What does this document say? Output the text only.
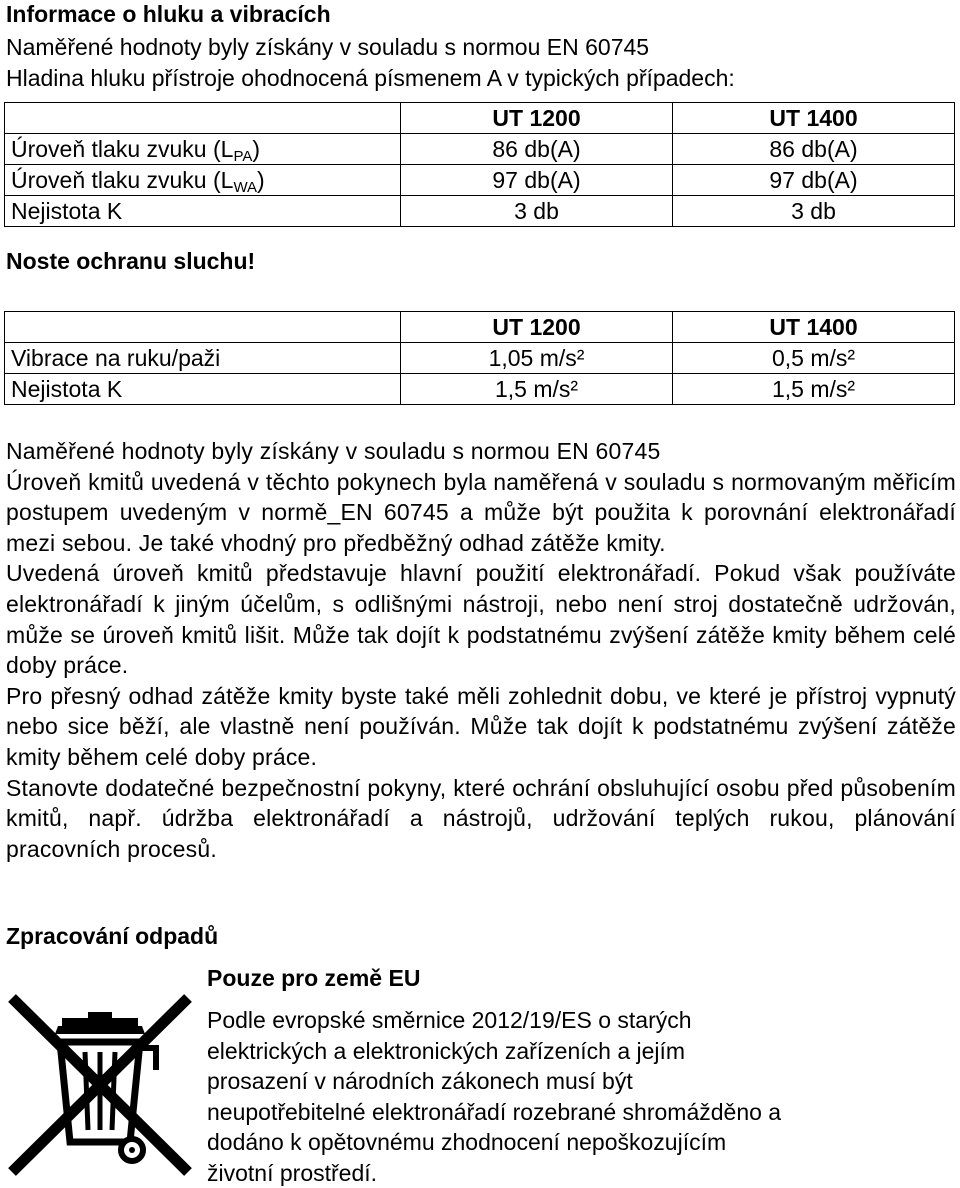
Informace o hluku a vibracích

Naměřené hodnoty byly získány v souladu s normou EN 60745

Hladina hluku přístroje ohodnocená písmenem A v typických případech:

	UT 1200	UT 1400
Úroveň tlaku zvuku $(L_{PA})$	86 db(A)	86 db(A)
Úroveň tlaku zvuku $(L_{WA})$	97 db(A)	97 db(A)
Nejistota K	3 db	3 db
Noste ochranu sluchu!
	UT 1200	UT 1400
Vibrace na ruku/paži	1,05 m/s²	0,5 m/s²
Nejistota K	1,5 m/s²	1,5 m/s²

Naměřené hodnoty byly získány v souladu s normou EN 60745

Úroveň kmitů uvedená v těchto pokynech byla naměřená v souladu s normovaným měřicím postupem uvedeným v normě_EN 60745 a může být použita k porovnání elektronářadí mezi sebou. Je také vhodný pro předběžný odhad zátěže kmity.

Uvedená úroveň kmitů představuje hlavní použití elektronářadí. Pokud však používáte elektronářadí k jiným účelům, s odlišnými nástroji, nebo není stroj dostatečně udržován, může se úroveň kmitů lišit. Může tak dojít k podstatnému zvýšení zátěže kmity během celé doby práce.

Pro přesný odhad zátěže kmity byste také měli zohlednit dobu, ve které je přístroj vypnutý nebo sice běží, ale vlastně není používán. Může tak dojít k podstatnému zvýšení zátěže kmity během celé doby práce.

Stanovte dodatečné bezpečnostní pokyny, které ochrání obsluhující osobu před působením kmitů, např. údržba elektronářadí a nástrojů, udržování teplých rukou, plánování pracovních procesů.

Zpracování odpadů
Pouze pro země EU

Podle evropské směrnice 2012/19/ES o starých

elektrických a elektronických zařízeních a jejím

prosazení v národních zákonech musí být

neupotřebitelné elektronářadí rozebrané shromážděno a

dodáno k opětovnému zhodnocení nepoškozujícím

životní prostředí.
